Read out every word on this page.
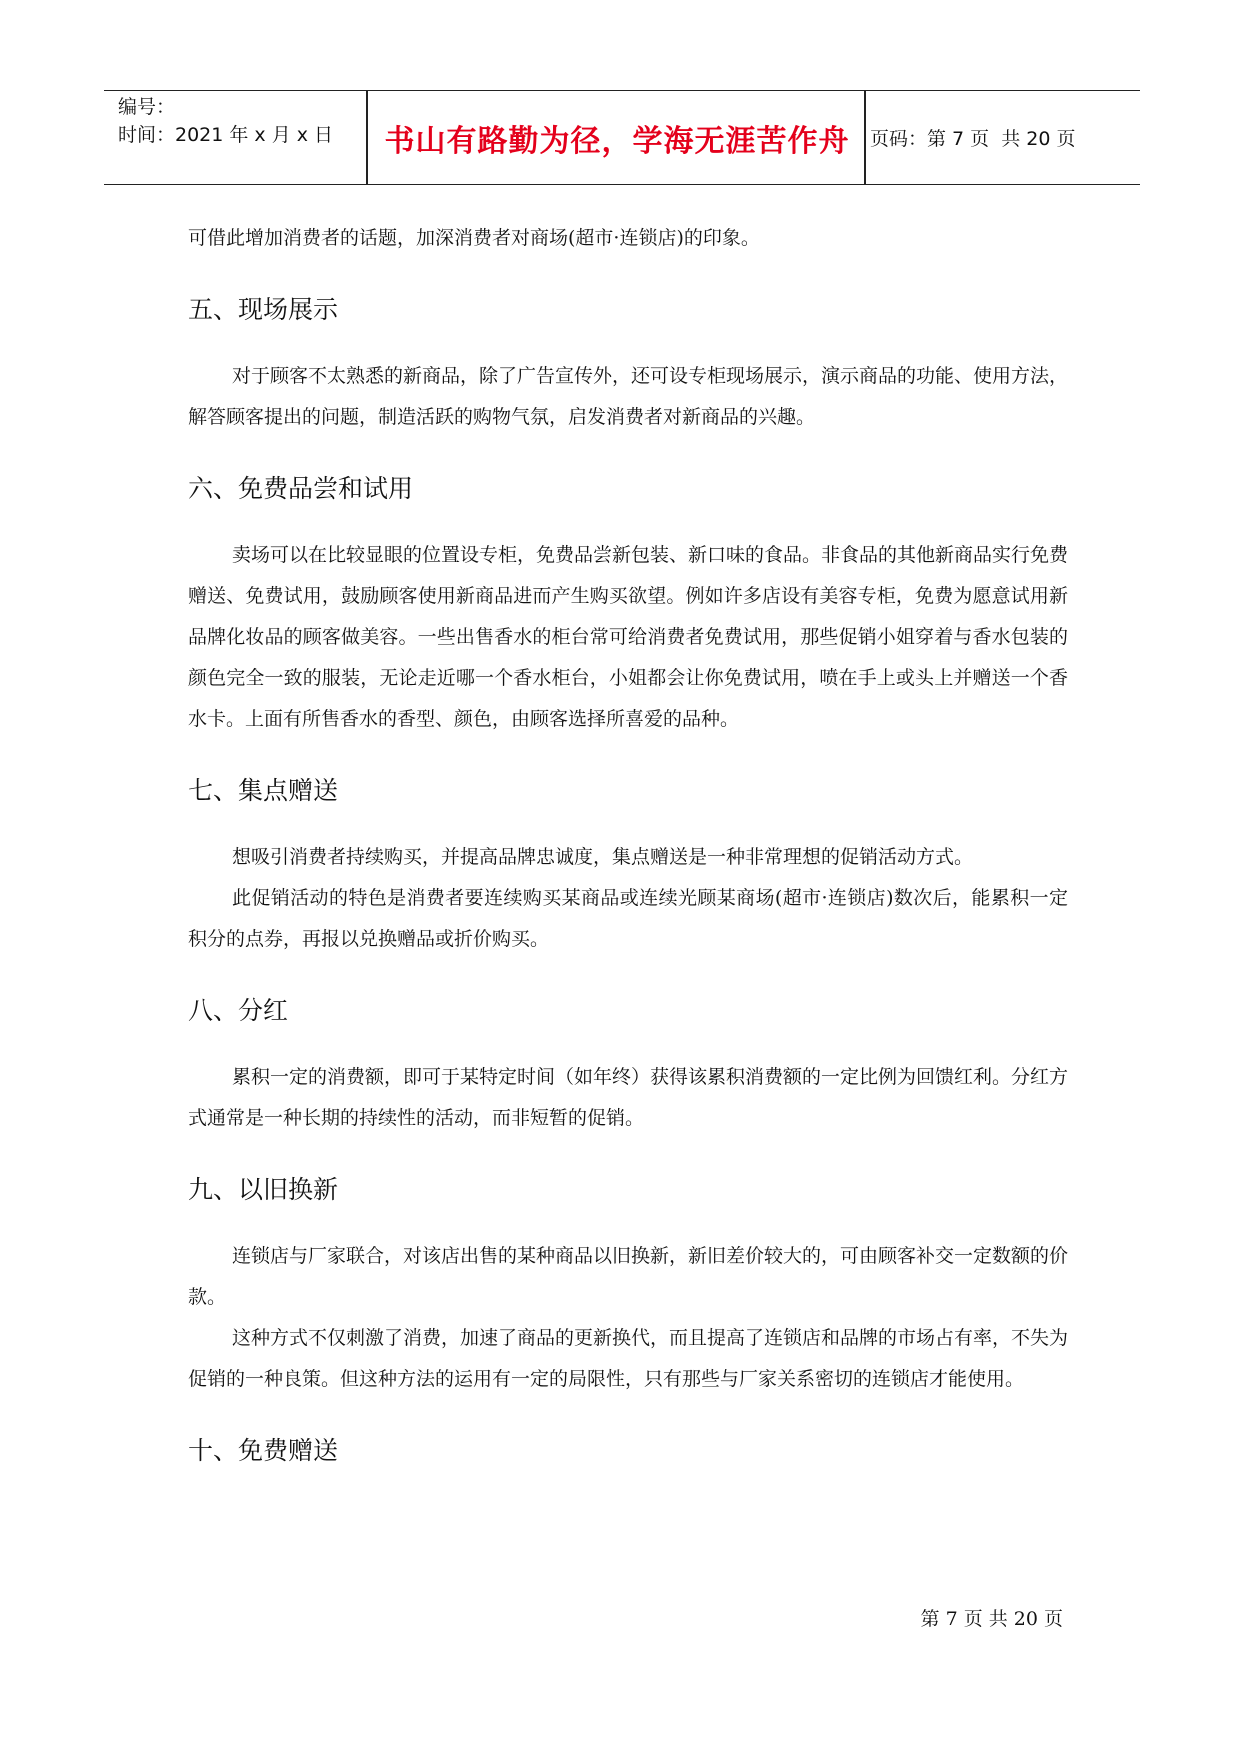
编号：
时间：2021 年 x 月 x 日	书山有路勤为径，学海无涯苦作舟	页码：第 7 页  共 20 页

可借此增加消费者的话题，加深消费者对商场(超市·连锁店)的印象。

五、现场展示

对于顾客不太熟悉的新商品，除了广告宣传外，还可设专柜现场展示，演示商品的功能、使用方法，解答顾客提出的问题，制造活跃的购物气氛，启发消费者对新商品的兴趣。

六、免费品尝和试用

卖场可以在比较显眼的位置设专柜，免费品尝新包装、新口味的食品。非食品的其他新商品实行免费赠送、免费试用，鼓励顾客使用新商品进而产生购买欲望。例如许多店设有美容专柜，免费为愿意试用新品牌化妆品的顾客做美容。一些出售香水的柜台常可给消费者免费试用，那些促销小姐穿着与香水包装的颜色完全一致的服装，无论走近哪一个香水柜台，小姐都会让你免费试用，喷在手上或头上并赠送一个香水卡。上面有所售香水的香型、颜色，由顾客选择所喜爱的品种。

七、集点赠送

想吸引消费者持续购买，并提高品牌忠诚度，集点赠送是一种非常理想的促销活动方式。

此促销活动的特色是消费者要连续购买某商品或连续光顾某商场(超市·连锁店)数次后，能累积一定积分的点券，再报以兑换赠品或折价购买。

八、分红

累积一定的消费额，即可于某特定时间（如年终）获得该累积消费额的一定比例为回馈红利。分红方式通常是一种长期的持续性的活动，而非短暂的促销。

九、以旧换新

连锁店与厂家联合，对该店出售的某种商品以旧换新，新旧差价较大的，可由顾客补交一定数额的价款。

这种方式不仅刺激了消费，加速了商品的更新换代，而且提高了连锁店和品牌的市场占有率，不失为促销的一种良策。但这种方法的运用有一定的局限性，只有那些与厂家关系密切的连锁店才能使用。

十、免费赠送
第 7 页 共 20 页
